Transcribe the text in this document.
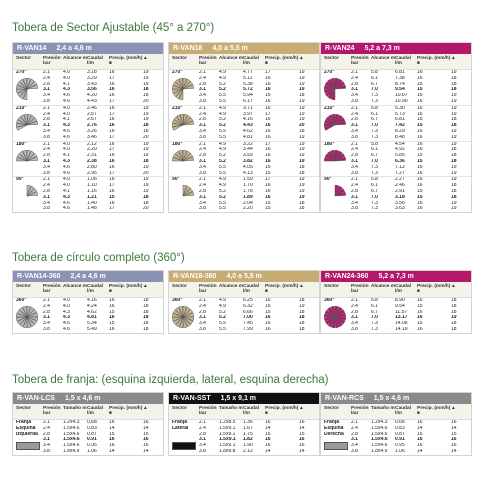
Tobera de Sector Ajustable (45° a 270°)
R-VAN14 2,4 a 4,6 m
Sector	Presión bar
Alcance m Caudal l/m
Precip. (mm/h) ■
▲
270°	2.1	4.0	3.18	16	19
2.4	4.0	3.29	17	19
2.8	4.1	3.43	16	19
3.1	4.3	3.56	16	18
3.4	4.6	4.20	16	18
3.8	4.6	4.43	17	20
210°	2.1	4.0	2.46	16	19
2.4	4.0	2.57	17	19
2.8	4.1	2.67	16	19
3.1	4.3	2.76	16	18
3.4	4.6	3.26	16	18
3.8	4.6	3.46	17	20
180°	2.1	4.0	2.12	16	19
2.4	4.0	2.20	17	19
2.8	4.1	2.31	16	19
3.1	4.3	2.38	16	18
3.4	4.6	2.80	16	19
3.8	4.6	2.95	17	20
90°	2.1	4.0	1.06	16	19
2.4	4.0	1.10	17	19
2.8	4.1	1.16	16	19
3.1	4.3	1.21	15	18
3.4	4.6	1.40	16	18
3.8	4.6	1.48	17	20
R-VAN18 4,0 a 5,5 m
Sector	Presión bar
Alcance m Caudal l/m
Precip. (mm/h) ■
▲
270°	2.1	4.9	4.77	17	19
2.4	4.9	5.11	16	19
2.8	5.2	5.38	16	19
3.1	5.2	5.72	16	19
3.4	5.5	5.94	15	18
3.8	5.5	6.17	16	19
210°	2.1	4.9	3.71	16	19
2.4	4.9	3.97	17	19
2.8	5.2	4.16	16	19
3.1	5.2	4.43	16	20
3.4	5.5	4.62	16	18
3.8	5.5	4.81	16	19
180°	2.1	4.9	3.22	17	19
2.4	4.9	3.44	16	19
2.8	5.2	3.59	16	19
3.1	5.2	3.82	16	19
3.4	5.5	4.05	15	18
3.8	5.5	4.13	15	18
90°	2.1	4.9	1.59	17	19
2.4	4.9	1.70	16	19
2.8	5.2	1.78	16	19
3.1	5.2	1.89	16	19
3.4	5.5	2.04	15	18
3.8	5.5	2.20	15	18
R-VAN24 5,2 a 7,3 m
Sector	Presión bar
Alcance m Caudal l/m
Precip. (mm/h) ■
▲
270°	2.1	5.8	6.81	16	19
2.4	6.1	7.38	16	18
2.8	6.7	8.74	15	18
3.1	7.0	9.54	15	18
3.4	7.3	10.67	16	19
3.8	7.3	10.90	16	19
210°	2.1	5.8	5.30	16	19
2.4	6.1	5.73	16	19
2.8	6.7	6.81	15	18
3.1	7.0	7.42	15	18
3.4	7.3	8.29	16	19
3.8	7.3	8.48	16	19
180°	2.1	5.8	4.54	16	19
2.4	6.1	4.92	16	18
2.8	6.7	5.85	15	18
3.1	7.0	6.36	15	18
3.4	7.3	7.12	16	19
3.8	7.3	7.27	16	19
90°	2.1	5.8	2.27	16	19
2.4	6.1	2.46	16	18
2.8	6.7	2.91	15	18
3.1	7.0	3.18	15	18
3.4	7.3	3.56	16	19
3.8	7.3	3.63	16	19
Tobera de círculo completo (360°)
R-VAN14-360 2,4 a 4,6 m
Sector	Presión bar
Alcance m Caudal l/m
Precip. (mm/h) ■
▲
360°	2.1	4.0	4.16	16	18
2.4	4.0	4.24	16	18
2.8	4.3	4.62	15	18
3.1	4.3	4.81	16	18
3.4	4.6	5.34	15	18
3.8	4.6	5.49	16	18
R-VAN18-360 4,0 a 5,5 m
Sector	Presión bar
Alcance m Caudal l/m
Precip. (mm/h) ■
▲
360°	2.1	4.9	6.25	16	18
2.4	4.9	6.32	16	19
2.8	5.2	6.66	15	18
3.1	5.2	7.00	16	18
3.4	5.5	7.45	16	18
3.8	5.5	7.99	16	18
R-VAN24-360 5,2 a 7,3 m
Sector	Presión bar
Alcance m Caudal l/m
Precip. (mm/h) ■
▲
360°	2.1	5.8	8.90	16	18
2.4	6.1	9.54	15	18
2.8	6.7	11.57	16	18
3.1	7.0	13.17	16	19
3.4	7.3	14.06	15	18
3.8	7.3	14.19	16	18
Tobera de franja: (esquina izquierda, lateral, esquina derecha)
R-VAN-LCS 1,5 x 4,6 m
Sector	Presión bar
Tamaño m Caudal l/m
Precip. (mm/h) ■
▲
Franja	2.1	1.2x4.3	0.68	16	16
Esquina	2.4	1.5x4.6	0.83	14	14
Izquierda	2.8	1.5x4.6	0.87	15	15
3.1	1.5x4.6	0.91	16	16
3.4	1.5x4.6	0.95	16	16
3.8	1.8x4.9	1.06	14	14
R-VAN-SST 1,5 x 9,1 m
Sector	Presión bar
Tamaño m Caudal l/m
Precip. (mm/h) ■
▲
Franja	2.1	1.2x8.5	1.36	16	16
Lateral	2.4	1.5x9.1	1.67	14	14
2.8	1.5x9.1	1.75	15	15
3.1	1.5x9.1	1.82	16	16
3.4	1.5x9.1	1.90	16	16
3.8	1.8x9.8	2.12	14	14
R-VAN-RCS 1,5 x 4,6 m
Sector	Presión bar
Tamaño m Caudal l/m
Precip. (mm/h) ■
▲
Franja	2.1	1.2x4.3	0.68	16	16
Esquina	2.4	1.5x4.6	0.83	14	14
Derecha	2.8	1.5x4.6	0.87	15	15
3.1	1.5x4.6	0.91	16	16
3.4	1.5x4.6	0.95	16	16
3.8	1.8x4.9	1.06	14	14
